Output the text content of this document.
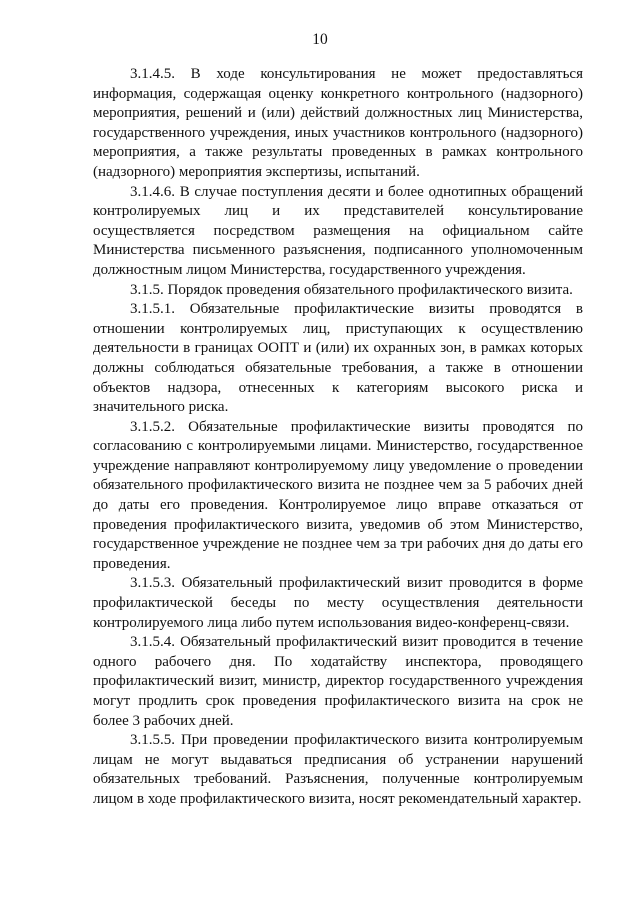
10

3.1.4.5. В ходе консультирования не может предоставляться информация, содержащая оценку конкретного контрольного (надзорного) мероприятия, решений и (или) действий должностных лиц Министерства, государственного учреждения, иных участников контрольного (надзорного) мероприятия, а также результаты проведенных в рамках контрольного (надзорного) мероприятия экспертизы, испытаний.

3.1.4.6. В случае поступления десяти и более однотипных обращений контролируемых лиц и их представителей консультирование осуществляется посредством размещения на официальном сайте Министерства письменного разъяснения, подписанного уполномоченным должностным лицом Министерства, государственного учреждения.

3.1.5. Порядок проведения обязательного профилактического визита.

3.1.5.1. Обязательные профилактические визиты проводятся в отношении контролируемых лиц, приступающих к осуществлению деятельности в границах ООПТ и (или) их охранных зон, в рамках которых должны соблюдаться обязательные требования, а также в отношении объектов надзора, отнесенных к категориям высокого риска и значительного риска.

3.1.5.2. Обязательные профилактические визиты проводятся по согласованию с контролируемыми лицами. Министерство, государственное учреждение направляют контролируемому лицу уведомление о проведении обязательного профилактического визита не позднее чем за 5 рабочих дней до даты его проведения. Контролируемое лицо вправе отказаться от проведения профилактического визита, уведомив об этом Министерство, государственное учреждение не позднее чем за три рабочих дня до даты его проведения.

3.1.5.3. Обязательный профилактический визит проводится в форме профилактической беседы по месту осуществления деятельности контролируемого лица либо путем использования видео-конференц-связи.

3.1.5.4. Обязательный профилактический визит проводится в течение одного рабочего дня. По ходатайству инспектора, проводящего профилактический визит, министр, директор государственного учреждения могут продлить срок проведения профилактического визита на срок не более 3 рабочих дней.

3.1.5.5. При проведении профилактического визита контролируемым лицам не могут выдаваться предписания об устранении нарушений обязательных требований. Разъяснения, полученные контролируемым лицом в ходе профилактического визита, носят рекомендательный характер.
